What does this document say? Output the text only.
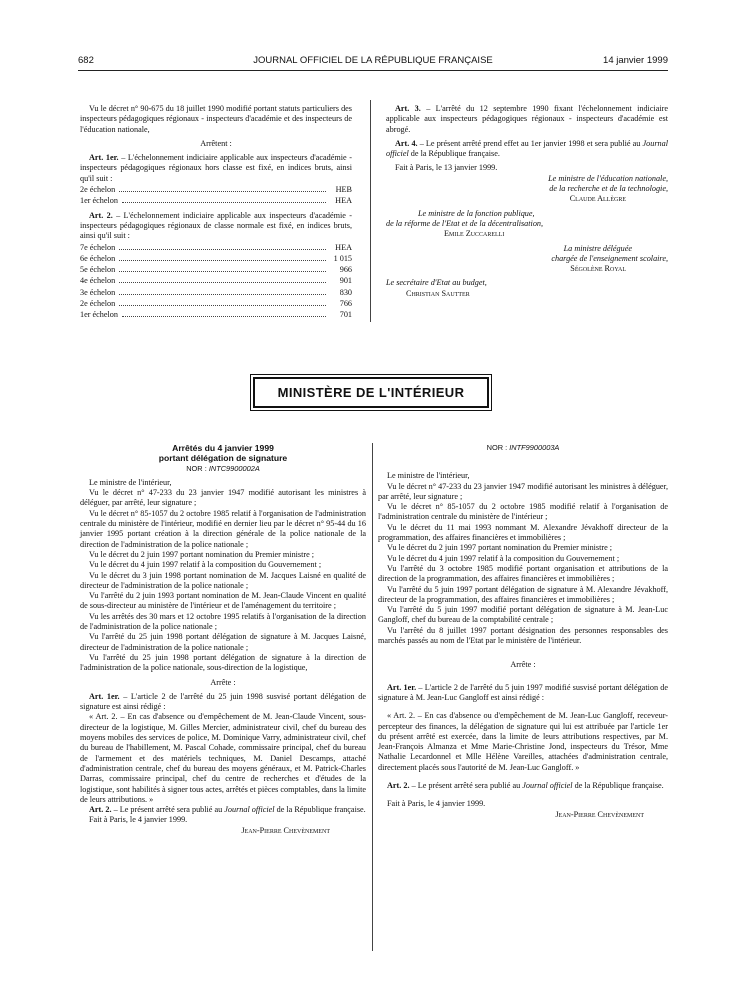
682	JOURNAL OFFICIEL DE LA RÉPUBLIQUE FRANÇAISE	14 janvier 1999

Vu le décret n° 90-675 du 18 juillet 1990 modifié portant statuts particuliers des inspecteurs pédagogiques régionaux - inspecteurs d'académie et des inspecteurs de l'éducation nationale,

Arrêtent :

Art. 1er. – L'échelonnement indiciaire applicable aux inspecteurs d'académie - inspecteurs pédagogiques régionaux hors classe est fixé, en indices bruts, ainsi qu'il suit :

2e échelon	HEB
1er échelon	HEA

Art. 2. – L'échelonnement indiciaire applicable aux inspecteurs d'académie - inspecteurs pédagogiques régionaux de classe normale est fixé, en indices bruts, ainsi qu'il suit :

7e échelon	HEA
6e échelon	1 015
5e échelon	966
4e échelon	901
3e échelon	830
2e échelon	766
1er échelon	701

Art. 3. – L'arrêté du 12 septembre 1990 fixant l'échelonnement indiciaire applicable aux inspecteurs pédagogiques régionaux - inspecteurs d'académie est abrogé.

Art. 4. – Le présent arrêté prend effet au 1er janvier 1998 et sera publié au Journal officiel de la République française.

Fait à Paris, le 13 janvier 1999.

Le ministre de l'éducation nationale,
de la recherche et de la technologie,
Claude Allègre
Le ministre de la fonction publique,
de la réforme de l'Etat et de la décentralisation,
Emile Zuccarelli
La ministre déléguée
chargée de l'enseignement scolaire,
Ségolène Royal
Le secrétaire d'Etat au budget,
Christian Sautter
MINISTÈRE DE L'INTÉRIEUR

Arrêtés du 4 janvier 1999

portant délégation de signature

NOR : INTC9900002A

Le ministre de l'intérieur,

Vu le décret n° 47-233 du 23 janvier 1947 modifié autorisant les ministres à déléguer, par arrêté, leur signature ;

Vu le décret n° 85-1057 du 2 octobre 1985 relatif à l'organisation de l'administration centrale du ministère de l'intérieur, modifié en dernier lieu par le décret n° 95-44 du 16 janvier 1995 portant création à la direction générale de la police nationale de la direction de l'administration de la police nationale ;

Vu le décret du 2 juin 1997 portant nomination du Premier ministre ;

Vu le décret du 4 juin 1997 relatif à la composition du Gouvernement ;

Vu le décret du 3 juin 1998 portant nomination de M. Jacques Laisné en qualité de directeur de l'administration de la police nationale ;

Vu l'arrêté du 2 juin 1993 portant nomination de M. Jean-Claude Vincent en qualité de sous-directeur au ministère de l'intérieur et de l'aménagement du territoire ;

Vu les arrêtés des 30 mars et 12 octobre 1995 relatifs à l'organisation de la direction de l'administration de la police nationale ;

Vu l'arrêté du 25 juin 1998 portant délégation de signature à M. Jacques Laisné, directeur de l'administration de la police nationale ;

Vu l'arrêté du 25 juin 1998 portant délégation de signature à la direction de l'administration de la police nationale, sous-direction de la logistique,

Arrête :

Art. 1er. – L'article 2 de l'arrêté du 25 juin 1998 susvisé portant délégation de signature est ainsi rédigé :

« Art. 2. – En cas d'absence ou d'empêchement de M. Jean-Claude Vincent, sous-directeur de la logistique, M. Gilles Mercier, administrateur civil, chef du bureau des moyens mobiles des services de police, M. Dominique Varry, administrateur civil, chef du bureau de l'habillement, M. Pascal Cohade, commissaire principal, chef du bureau de l'armement et des matériels techniques, M. Daniel Descamps, attaché d'administration centrale, chef du bureau des moyens généraux, et M. Patrick-Charles Darras, commissaire principal, chef du centre de recherches et d'études de la logistique, sont habilités à signer tous actes, arrêtés et pièces comptables, dans la limite de leurs attributions. »

Art. 2. – Le présent arrêté sera publié au Journal officiel de la République française.

Fait à Paris, le 4 janvier 1999.

Jean-Pierre Chevènement

NOR : INTF9900003A

Le ministre de l'intérieur,

Vu le décret n° 47-233 du 23 janvier 1947 modifié autorisant les ministres à déléguer, par arrêté, leur signature ;

Vu le décret n° 85-1057 du 2 octobre 1985 modifié relatif à l'organisation de l'administration centrale du ministère de l'intérieur ;

Vu le décret du 11 mai 1993 nommant M. Alexandre Jévakhoff directeur de la programmation, des affaires financières et immobilières ;

Vu le décret du 2 juin 1997 portant nomination du Premier ministre ;

Vu le décret du 4 juin 1997 relatif à la composition du Gouvernement ;

Vu l'arrêté du 3 octobre 1985 modifié portant organisation et attributions de la direction de la programmation, des affaires financières et immobilières ;

Vu l'arrêté du 5 juin 1997 portant délégation de signature à M. Alexandre Jévakhoff, directeur de la programmation, des affaires financières et immobilières ;

Vu l'arrêté du 5 juin 1997 modifié portant délégation de signature à M. Jean-Luc Gangloff, chef du bureau de la comptabilité centrale ;

Vu l'arrêté du 8 juillet 1997 portant désignation des personnes responsables des marchés passés au nom de l'Etat par le ministère de l'intérieur.

Arrête :

Art. 1er. – L'article 2 de l'arrêté du 5 juin 1997 modifié susvisé portant délégation de signature à M. Jean-Luc Gangloff est ainsi rédigé :

« Art. 2. – En cas d'absence ou d'empêchement de M. Jean-Luc Gangloff, receveur-percepteur des finances, la délégation de signature qui lui est attribuée par l'article 1er du présent arrêté est exercée, dans la limite de leurs attributions respectives, par M. Jean-François Almanza et Mme Marie-Christine Jond, inspecteurs du Trésor, Mme Nathalie Lecardonnel et Mlle Hélène Vareilles, attachées d'administration centrale, directement placés sous l'autorité de M. Jean-Luc Gangloff. »

Art. 2. – Le présent arrêté sera publié au Journal officiel de la République française.

Fait à Paris, le 4 janvier 1999.

Jean-Pierre Chevènement
